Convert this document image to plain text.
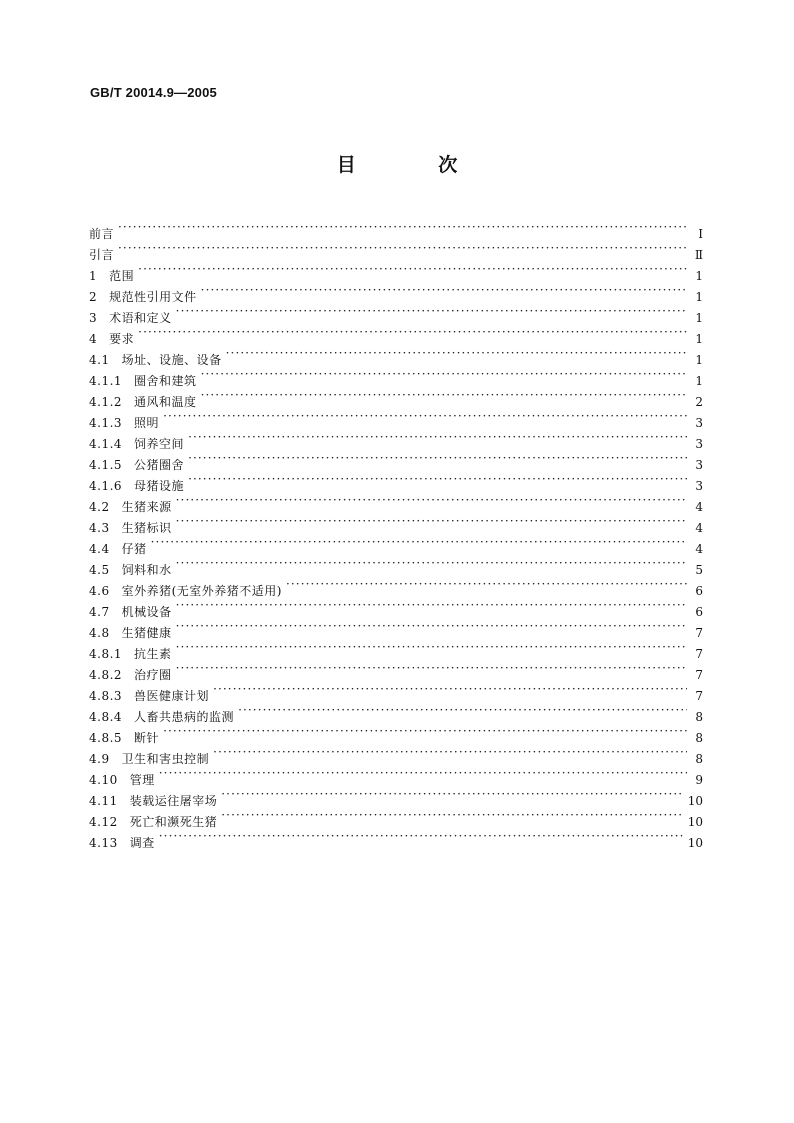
GB/T 20014.9—2005
目 次
前言 ·····	Ⅰ
引言 ·····	Ⅱ
1 范围 ·····	1
2 规范性引用文件 ·····	1
3 术语和定义 ·····	1
4 要求 ·····	1
4.1 场址、设施、设备 ·····	1
4.1.1 圈舍和建筑 ·····	1
4.1.2 通风和温度 ·····	2
4.1.3 照明 ·····	3
4.1.4 饲养空间 ·····	3
4.1.5 公猪圈舍 ·····	3
4.1.6 母猪设施 ·····	3
4.2 生猪来源 ·····	4
4.3 生猪标识 ·····	4
4.4 仔猪 ·····	4
4.5 饲料和水 ·····	5
4.6 室外养猪(无室外养猪不适用) ·····	6
4.7 机械设备 ·····	6
4.8 生猪健康 ·····	7
4.8.1 抗生素 ·····	7
4.8.2 治疗圈 ·····	7
4.8.3 兽医健康计划 ·····	7
4.8.4 人畜共患病的监测 ·····	8
4.8.5 断针 ·····	8
4.9 卫生和害虫控制 ·····	8
4.10 管理 ·····	9
4.11 装载运往屠宰场 ·····	10
4.12 死亡和濒死生猪 ·····	10
4.13 调查 ·····	10
